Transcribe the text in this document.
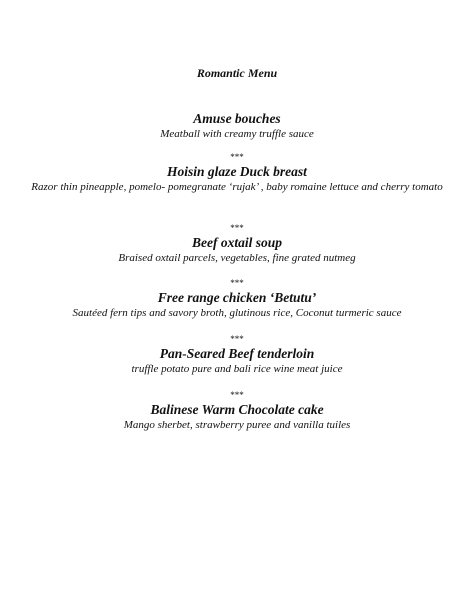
Romantic Menu
Amuse bouches
Meatball with creamy truffle sauce
***
Hoisin glaze Duck breast
Razor thin pineapple, pomelo- pomegranate ‘rujak’ , baby romaine lettuce and cherry tomato
***
Beef oxtail soup
Braised oxtail parcels, vegetables, fine grated nutmeg
***
Free range chicken ‘Betutu’
Sautéed fern tips and savory broth, glutinous rice, Coconut turmeric sauce
***
Pan-Seared Beef tenderloin
truffle potato pure and bali rice wine meat juice
***
Balinese Warm Chocolate cake
Mango sherbet, strawberry puree and vanilla tuiles
